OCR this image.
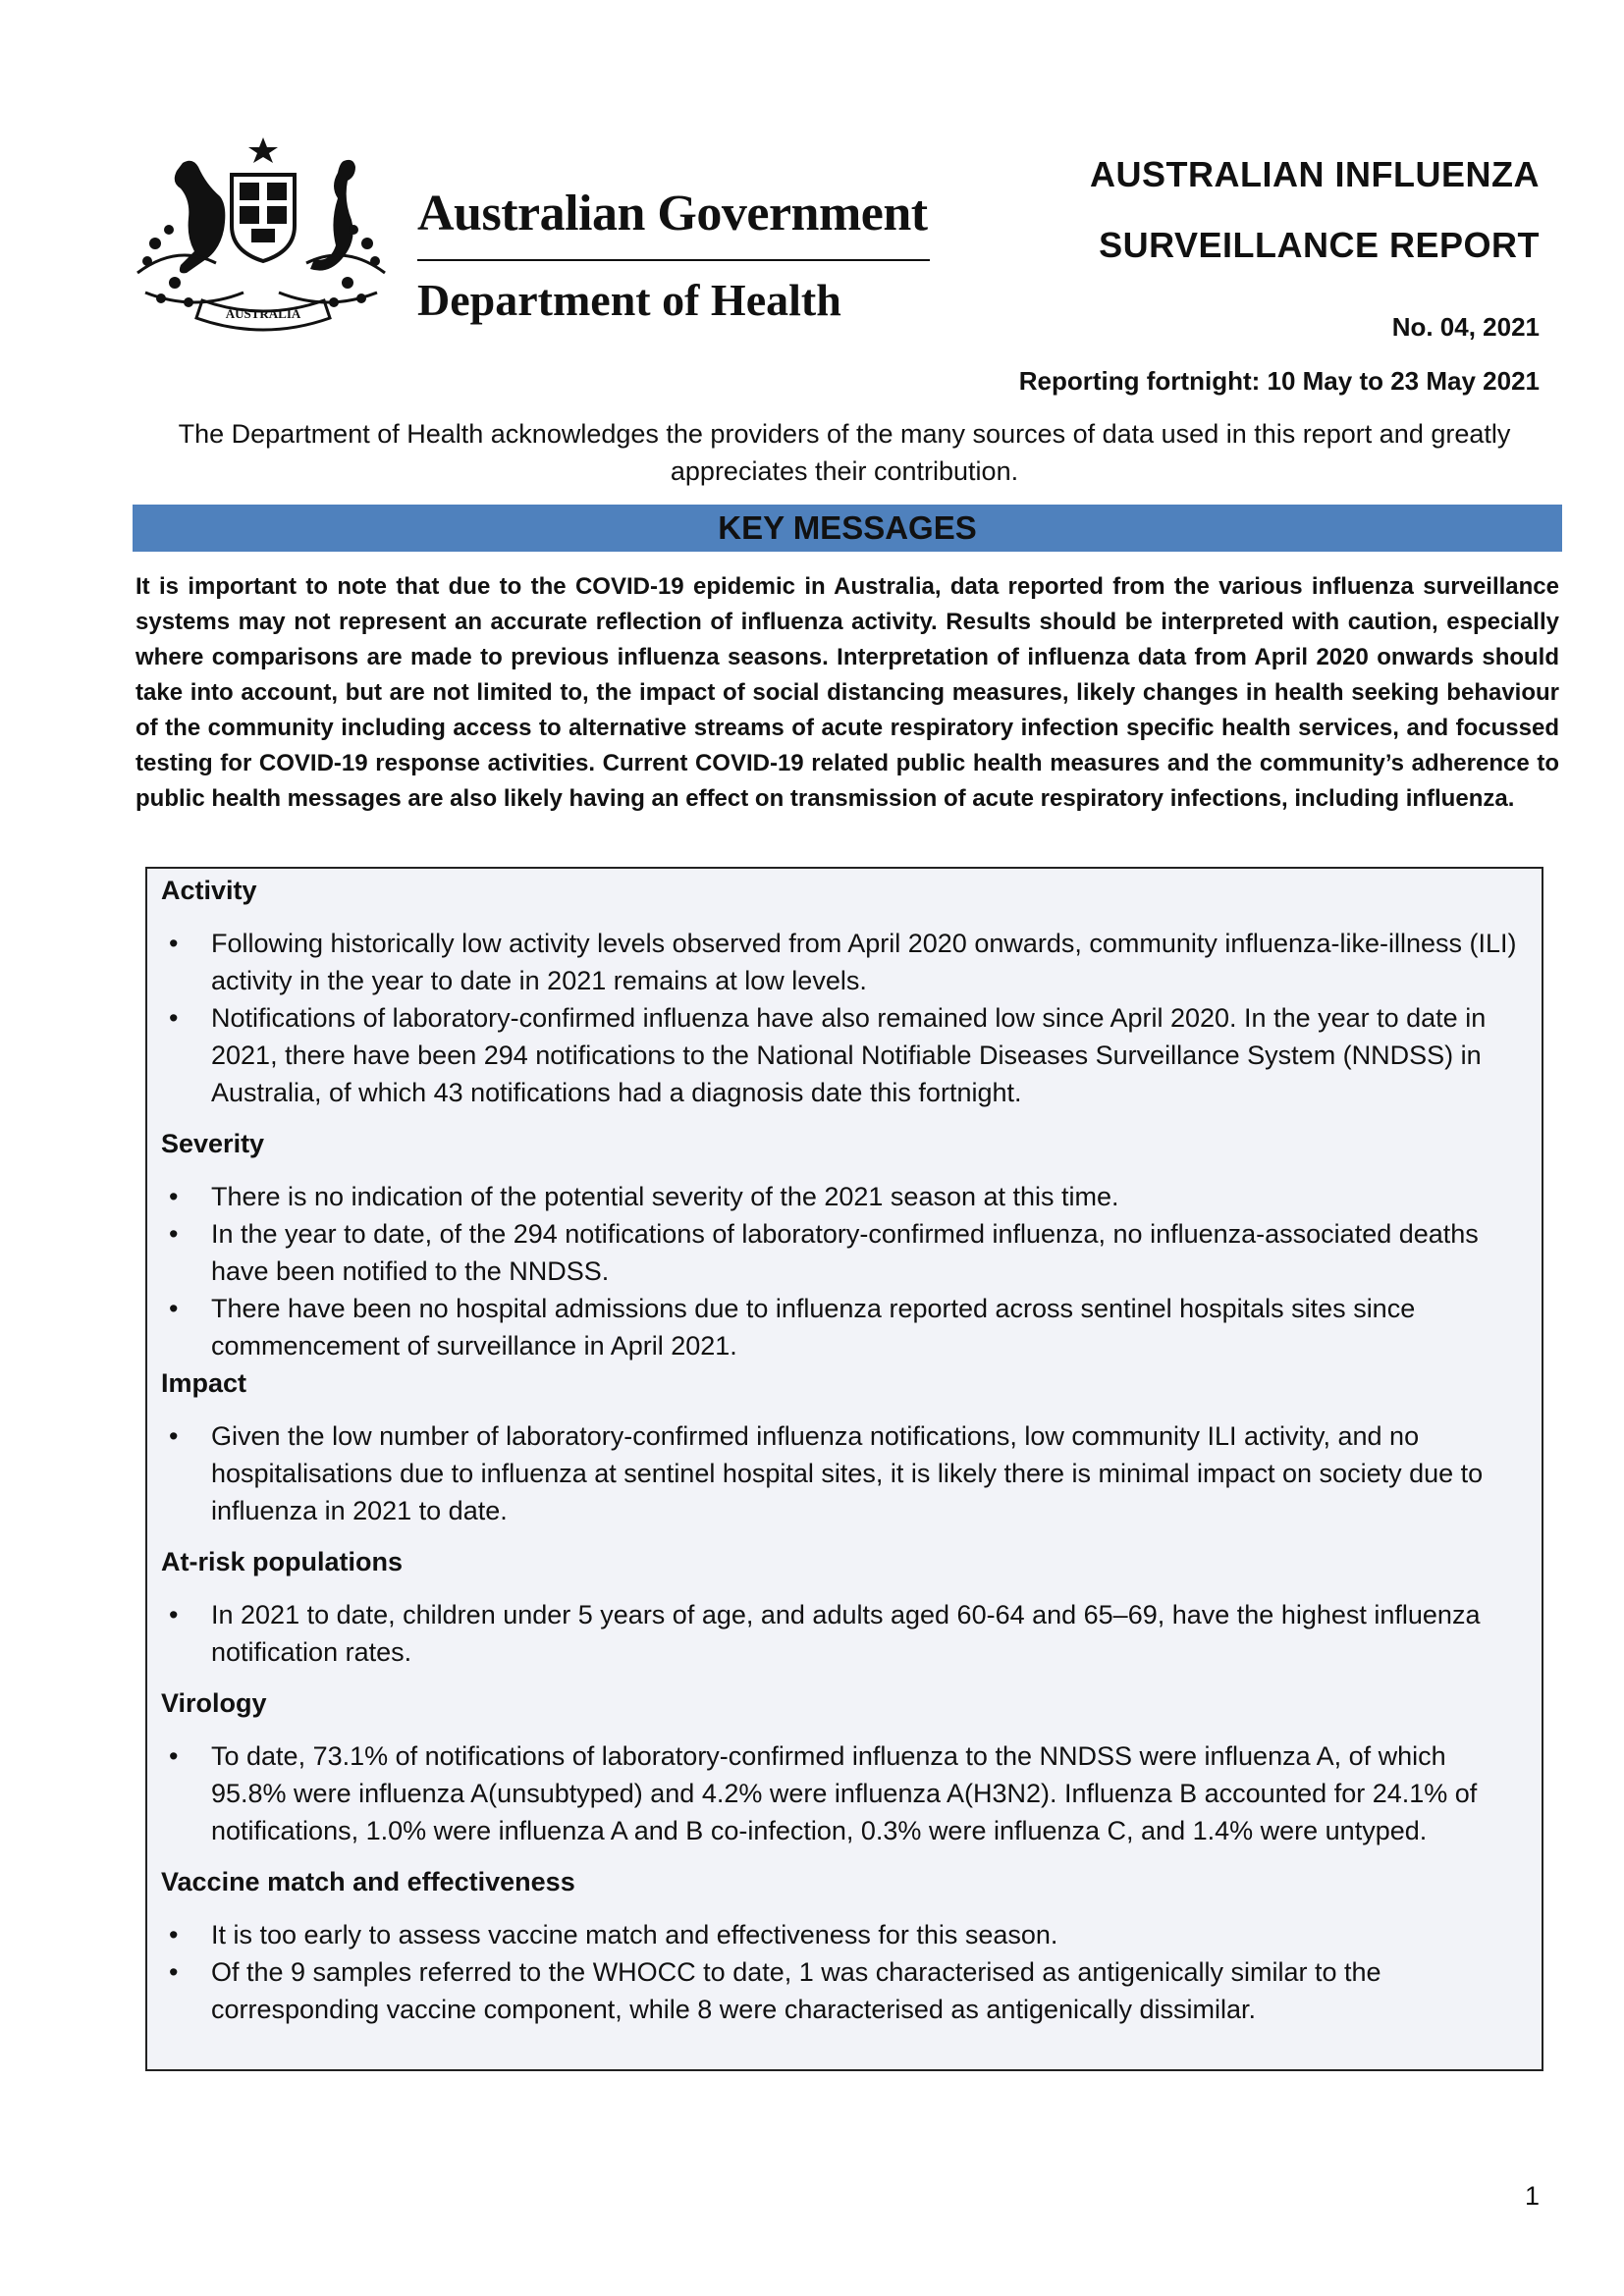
AUSTRALIA
Australian Government
Department of Health
AUSTRALIAN INFLUENZA
SURVEILLANCE REPORT
No. 04, 2021
Reporting fortnight: 10 May to 23 May 2021
The Department of Health acknowledges the providers of the many sources of data used in this report and greatly appreciates their contribution.
KEY MESSAGES
It is important to note that due to the COVID-19 epidemic in Australia, data reported from the various influenza surveillance systems may not represent an accurate reflection of influenza activity. Results should be interpreted with caution, especially where comparisons are made to previous influenza seasons. Interpretation of influenza data from April 2020 onwards should take into account, but are not limited to, the impact of social distancing measures, likely changes in health seeking behaviour of the community including access to alternative streams of acute respiratory infection specific health services, and focussed testing for COVID-19 response activities. Current COVID-19 related public health measures and the community’s adherence to public health messages are also likely having an effect on transmission of acute respiratory infections, including influenza.
Activity
•	Following historically low activity levels observed from April 2020 onwards, community influenza-like-illness (ILI) activity in the year to date in 2021 remains at low levels.
•	Notifications of laboratory-confirmed influenza have also remained low since April 2020. In the year to date in 2021, there have been 294 notifications to the National Notifiable Diseases Surveillance System (NNDSS) in Australia, of which 43 notifications had a diagnosis date this fortnight.
Severity
•	There is no indication of the potential severity of the 2021 season at this time.
•	In the year to date, of the 294 notifications of laboratory-confirmed influenza, no influenza-associated deaths have been notified to the NNDSS.
•	There have been no hospital admissions due to influenza reported across sentinel hospitals sites since commencement of surveillance in April 2021.
Impact
•	Given the low number of laboratory-confirmed influenza notifications, low community ILI activity, and no hospitalisations due to influenza at sentinel hospital sites, it is likely there is minimal impact on society due to influenza in 2021 to date.
At-risk populations
•	In 2021 to date, children under 5 years of age, and adults aged 60-64 and 65–69, have the highest influenza notification rates.
Virology
•	To date, 73.1% of notifications of laboratory-confirmed influenza to the NNDSS were influenza A, of which 95.8% were influenza A(unsubtyped) and 4.2% were influenza A(H3N2). Influenza B accounted for 24.1% of notifications, 1.0% were influenza A and B co-infection, 0.3% were influenza C, and 1.4% were untyped.
Vaccine match and effectiveness
•	It is too early to assess vaccine match and effectiveness for this season.
•	Of the 9 samples referred to the WHOCC to date, 1 was characterised as antigenically similar to the corresponding vaccine component, while 8 were characterised as antigenically dissimilar.
1
